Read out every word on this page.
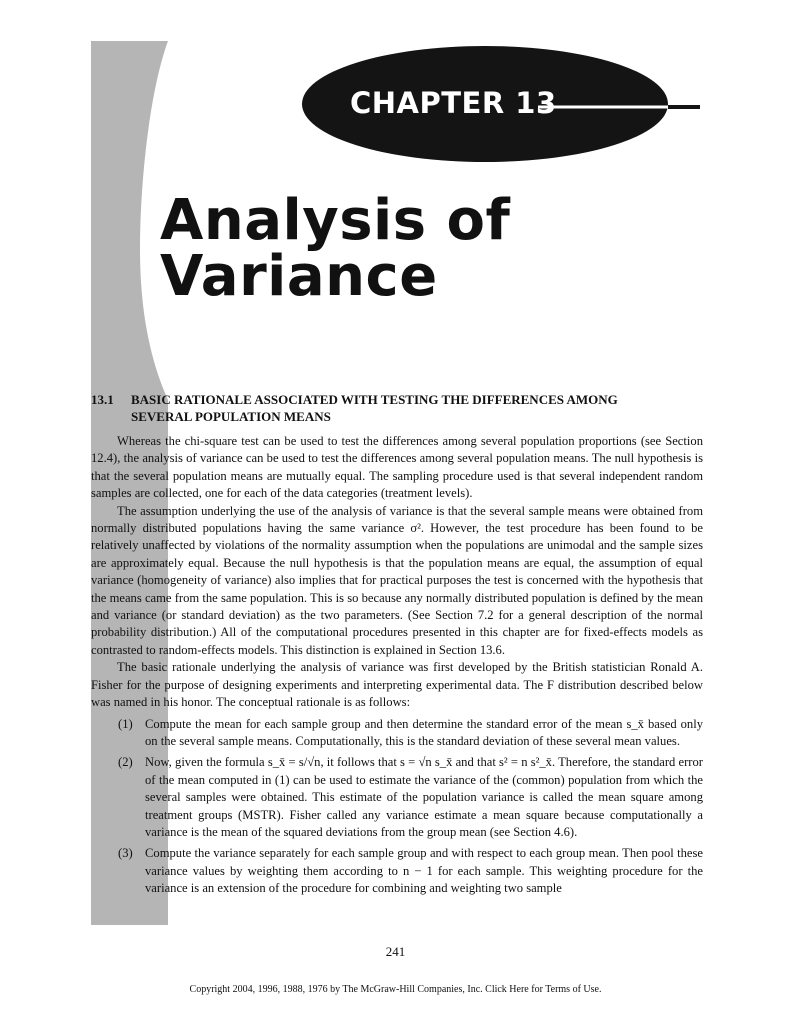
CHAPTER 13
Analysis of Variance
13.1 BASIC RATIONALE ASSOCIATED WITH TESTING THE DIFFERENCES AMONG
SEVERAL POPULATION MEANS

Whereas the chi-square test can be used to test the differences among several population proportions (see Section 12.4), the analysis of variance can be used to test the differences among several population means. The null hypothesis is that the several population means are mutually equal. The sampling procedure used is that several independent random samples are collected, one for each of the data categories (treatment levels).

The assumption underlying the use of the analysis of variance is that the several sample means were obtained from normally distributed populations having the same variance σ². However, the test procedure has been found to be relatively unaffected by violations of the normality assumption when the populations are unimodal and the sample sizes are approximately equal. Because the null hypothesis is that the population means are equal, the assumption of equal variance (homogeneity of variance) also implies that for practical purposes the test is concerned with the hypothesis that the means came from the same population. This is so because any normally distributed population is defined by the mean and variance (or standard deviation) as the two parameters. (See Section 7.2 for a general description of the normal probability distribution.) All of the computational procedures presented in this chapter are for fixed-effects models as contrasted to random-effects models. This distinction is explained in Section 13.6.

The basic rationale underlying the analysis of variance was first developed by the British statistician Ronald A. Fisher for the purpose of designing experiments and interpreting experimental data. The F distribution described below was named in his honor. The conceptual rationale is as follows:

(1) Compute the mean for each sample group and then determine the standard error of the mean s_x̄ based only on the several sample means. Computationally, this is the standard deviation of these several mean values.

(2) Now, given the formula s_x̄ = s/√n, it follows that s = √n s_x̄ and that s² = n s²_x̄. Therefore, the standard error of the mean computed in (1) can be used to estimate the variance of the (common) population from which the several samples were obtained. This estimate of the population variance is called the mean square among treatment groups (MSTR). Fisher called any variance estimate a mean square because computationally a variance is the mean of the squared deviations from the group mean (see Section 4.6).

(3) Compute the variance separately for each sample group and with respect to each group mean. Then pool these variance values by weighting them according to n − 1 for each sample. This weighting procedure for the variance is an extension of the procedure for combining and weighting two sample

241
Copyright 2004, 1996, 1988, 1976 by The McGraw-Hill Companies, Inc. Click Here for Terms of Use.
